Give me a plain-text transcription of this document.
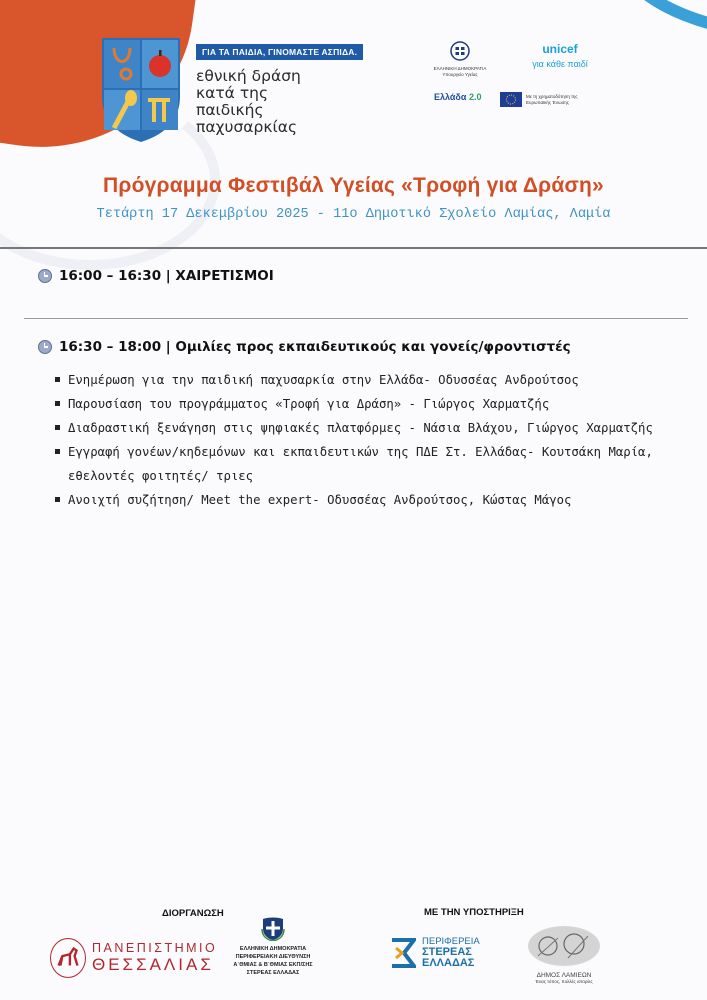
ΓΙΑ ΤΑ ΠΑΙΔΙΑ, ΓΙΝΟΜΑΣΤΕ ΑΣΠΙΔΑ.
εθνική δράση
κατά της
παιδικής
παχυσαρκίας
ΕΛΛΗΝΙΚΗ ΔΗΜΟΚΡΑΤΙΑ
Υπουργείο Υγείας
unicef
για κάθε παιδί
Ελλάδα 2.0	Με τη χρηματοδότηση της Ευρωπαϊκής Ένωσης
Πρόγραμμα Φεστιβάλ Υγείας «Τροφή για Δράση»
Τετάρτη 17 Δεκεμβρίου 2025 - 11ο Δημοτικό Σχολείο Λαμίας, Λαμία
16:00 – 16:30 | ΧΑΙΡΕΤΙΣΜΟΙ
16:30 – 18:00 | Ομιλίες προς εκπαιδευτικούς και γονείς/φροντιστές
Ενημέρωση για την παιδική παχυσαρκία στην Ελλάδα- Οδυσσέας Ανδρούτσος
Παρουσίαση του προγράμματος «Τροφή για Δράση» - Γιώργος Χαρματζής
Διαδραστική ξενάγηση στις ψηφιακές πλατφόρμες - Νάσια Βλάχου, Γιώργος Χαρματζής
Εγγραφή γονέων/κηδεμόνων και εκπαιδευτικών της ΠΔΕ Στ. Ελλάδας- Κουτσάκη Μαρία, εθελοντές φοιτητές/ τριες
Ανοιχτή συζήτηση/ Meet the expert- Οδυσσέας Ανδρούτσος, Κώστας Μάγος
ΔΙΟΡΓΑΝΩΣΗ	ΜΕ ΤΗΝ ΥΠΟΣΤΗΡΙΞΗ
ΠΑΝΕΠΙΣΤΗΜΙΟ
ΘΕΣΣΑΛΙΑΣ
ΕΛΛΗΝΙΚΗ ΔΗΜΟΚΡΑΤΙΑ
ΠΕΡΙΦΕΡΕΙΑΚΗ ΔΙΕΥΘΥΝΣΗ
Α΄ΘΜΙΑΣ & Β΄ΘΜΙΑΣ ΕΚΠ/ΣΗΣ
ΣΤΕΡΕΑΣ ΕΛΛΑΔΑΣ
ΠΕΡΙΦΕΡΕΙΑ
ΣΤΕΡΕΑΣ
ΕΛΛΑΔΑΣ
ΔΗΜΟΣ ΛΑΜΙΕΩΝ
Ένας τόπος, πολλές ιστορίες
